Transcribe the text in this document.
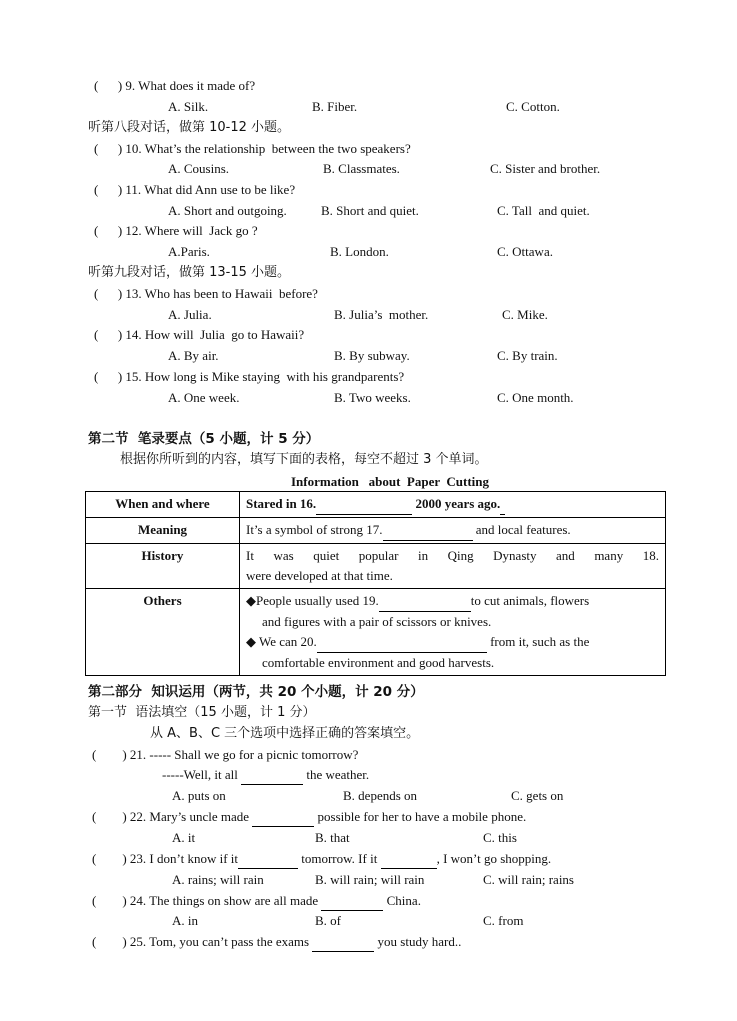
(      ) 9. What does it made of?
A. Silk.	B. Fiber.	C. Cotton.
听第八段对话，做第 10-12 小题。
(      ) 10. What’s the relationship  between the two speakers?
A. Cousins.	B. Classmates.	C. Sister and brother.
(      ) 11. What did Ann use to be like?
A. Short and outgoing.	B. Short and quiet.	C. Tall  and quiet.
(      ) 12. Where will  Jack go ?
A.Paris.	B. London.	C. Ottawa.
听第九段对话，做第 13-15 小题。
(      ) 13. Who has been to Hawaii  before?
A. Julia.	B. Julia’s  mother.	C. Mike.
(      ) 14. How will  Julia  go to Hawaii?
A. By air.	B. By subway.	C. By train.
(      ) 15. How long is Mike staying  with his grandparents?
A. One week.	B. Two weeks.	C. One month.
第二节  笔录要点（5 小题，计 5 分）
根据你所听到的内容，填写下面的表格，每空不超过 3 个单词。
Information   about  Paper  Cutting
When and where	Stared in 16. 2000 years ago.
Meaning	It’s a symbol of strong 17. and local features.
History	It was quiet popular in Qing Dynasty and many 18.
were developed at that time.

Others	◆People usually used 19. to cut animals, flowers
and figures with a pair of scissors or knives.
◆ We can 20. from it, such as the
comfortable environment and good harvests.
第二部分  知识运用（两节，共 20 个小题，计 20 分）
第一节  语法填空（15 小题，计 1 分）
从 A、B、C 三个选项中选择正确的答案填空。
(        ) 21. ----- Shall we go for a picnic tomorrow?
-----Well, it all	the weather.
A. puts on	B. depends on	C. gets on
(        ) 22. Mary’s uncle made	possible for her to have a mobile phone.
A. it	B. that	C. this
(        ) 23. I don’t know if it	tomorrow. If it	, I won’t go shopping.
A. rains; will rain	B. will rain; will rain	C. will rain; rains
(        ) 24. The things on show are all made	China.
A. in	B. of	C. from
(        ) 25. Tom, you can’t pass the exams	you study hard..
